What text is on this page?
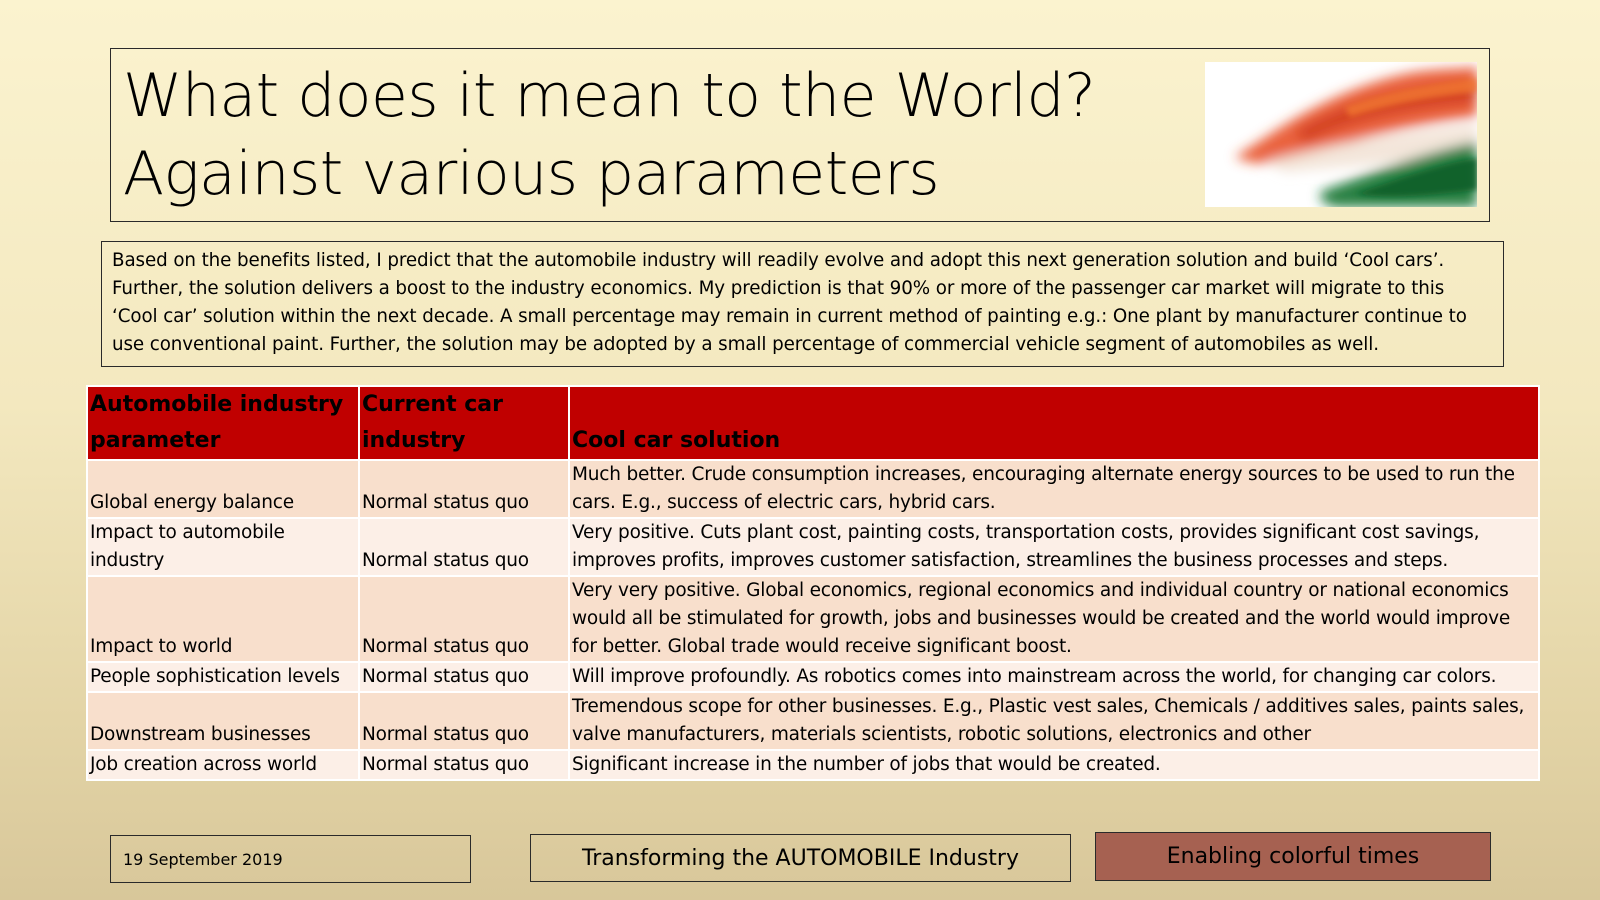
What does it mean to the World?
Against various parameters
Based on the benefits listed, I predict that the automobile industry will readily evolve and adopt this next generation solution and build ‘Cool cars’. Further, the solution delivers a boost to the industry economics. My prediction is that 90% or more of the passenger car market will migrate to this ‘Cool car’ solution within the next decade. A small percentage may remain in current method of painting e.g.: One plant by manufacturer continue to use conventional paint. Further, the solution may be adopted by a small percentage of commercial vehicle segment of automobiles as well.
Automobile industry parameter	Current car industry	Cool car solution
Global energy balance	Normal status quo	Much better. Crude consumption increases, encouraging alternate energy sources to be used to run the cars. E.g., success of electric cars, hybrid cars.
Impact to automobile industry	Normal status quo	Very positive. Cuts plant cost, painting costs, transportation costs, provides significant cost savings, improves profits, improves customer satisfaction, streamlines the business processes and steps.
Impact to world	Normal status quo	Very very positive. Global economics, regional economics and individual country or national economics would all be stimulated for growth, jobs and businesses would be created and the world would improve for better. Global trade would receive significant boost.
People sophistication levels	Normal status quo	Will improve profoundly. As robotics comes into mainstream across the world, for changing car colors.
Downstream businesses	Normal status quo	Tremendous scope for other businesses. E.g., Plastic vest sales, Chemicals / additives sales, paints sales, valve manufacturers, materials scientists, robotic solutions, electronics and other
Job creation across world	Normal status quo	Significant increase in the number of jobs that would be created.
19 September 2019	Transforming the AUTOMOBILE Industry	Enabling colorful times
